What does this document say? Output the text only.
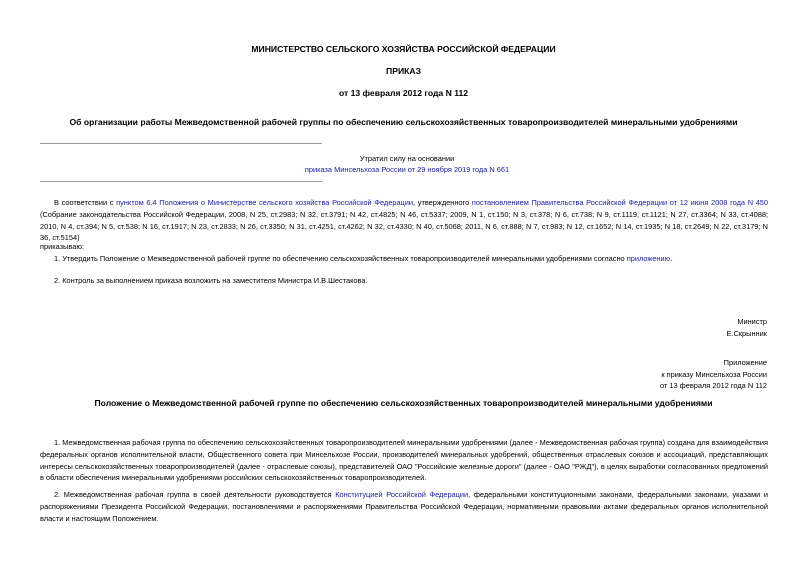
МИНИСТЕРСТВО СЕЛЬСКОГО ХОЗЯЙСТВА РОССИЙСКОЙ ФЕДЕРАЦИИ
ПРИКАЗ
от 13 февраля 2012 года N 112
Об организации работы Межведомственной рабочей группы по обеспечению сельскохозяйственных товаропроизводителей минеральными удобрениями
Утратил силу на основании
приказа Минсельхоза России от 29 ноября 2019 года N 661
В соответствии с пунктом 6.4 Положения о Министерстве сельского хозяйства Российской Федерации, утвержденного постановлением Правительства Российской Федерации от 12 июня 2008 года N 450 (Собрание законодательства Российской Федерации, 2008, N 25, ст.2983; N 32, ст.3791; N 42, ст.4825; N 46, ст.5337; 2009, N 1, ст.150; N 3, ст.378; N 6, ст.738; N 9, ст.1119, ст.1121; N 27, ст.3364; N 33, ст.4088; 2010, N 4, ст.394; N 5, ст.538; N 16, ст.1917; N 23, ст.2833; N 26, ст.3350; N 31, ст.4251, ст.4262; N 32, ст.4330; N 40, ст.5068; 2011, N 6, ст.888; N 7, ст.983; N 12, ст.1652; N 14, ст.1935; N 18, ст.2649; N 22, ст.3179; N 36, ст.5154)
приказываю:
1. Утвердить Положение о Межведомственной рабочей группе по обеспечению сельскохозяйственных товаропроизводителей минеральными удобрениями согласно приложению.
2. Контроль за выполнением приказа возложить на заместителя Министра И.В.Шестакова.
Министр
Е.Скрынник
Приложение
к приказу Минсельхоза России
от 13 февраля 2012 года N 112
Положение о Межведомственной рабочей группе по обеспечению сельскохозяйственных товаропроизводителей минеральными удобрениями
1. Межведомственная рабочая группа по обеспечению сельскохозяйственных товаропроизводителей минеральными удобрениями (далее - Межведомственная рабочая группа) создана для взаимодействия федеральных органов исполнительной власти, Общественного совета при Минсельхозе России, производителей минеральных удобрений, общественных отраслевых союзов и ассоциаций, представляющих интересы сельскохозяйственных товаропроизводителей (далее - отраслевые союзы), представителей ОАО "Российские железные дороги" (далее - ОАО "РЖД"), в целях выработки согласованных предложений в области обеспечения минеральными удобрениями российских сельскохозяйственных товаропроизводителей.
2. Межведомственная рабочая группа в своей деятельности руководствуется Конституцией Российской Федерации, федеральными конституционными законами, федеральными законами, указами и распоряжениями Президента Российской Федерации, постановлениями и распоряжениями Правительства Российской Федерации, нормативными правовыми актами федеральных органов исполнительной власти и настоящим Положением.
